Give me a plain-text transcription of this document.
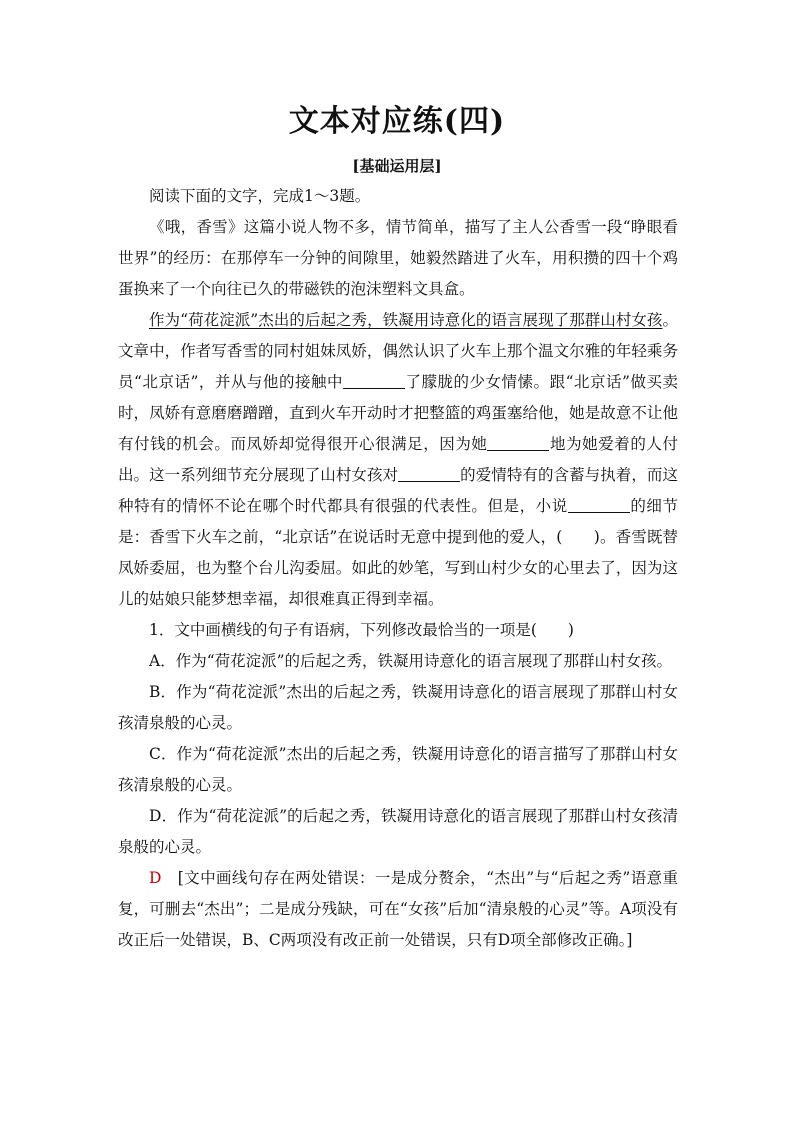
文本对应练(四)
[基础运用层]

阅读下面的文字，完成1～3题。

《哦，香雪》这篇小说人物不多，情节简单，描写了主人公香雪一段“睁眼看世界”的经历：在那停车一分钟的间隙里，她毅然踏进了火车，用积攒的四十个鸡蛋换来了一个向往已久的带磁铁的泡沫塑料文具盒。

作为“荷花淀派”杰出的后起之秀，铁凝用诗意化的语言展现了那群山村女孩。文章中，作者写香雪的同村姐妹凤娇，偶然认识了火车上那个温文尔雅的年轻乘务员“北京话”，并从与他的接触中	了朦胧的少女情愫。跟“北京话”做买卖时，凤娇有意磨磨蹭蹭，直到火车开动时才把整篮的鸡蛋塞给他，她是故意不让他有付钱的机会。而凤娇却觉得很开心很满足，因为她	地为她爱着的人付出。这一系列细节充分展现了山村女孩对	的爱情特有的含蓄与执着，而这种特有的情怀不论在哪个时代都具有很强的代表性。但是，小说	的细节是：香雪下火车之前，“北京话”在说话时无意中提到他的爱人，(　　)。香雪既替凤娇委屈，也为整个台儿沟委屈。如此的妙笔，写到山村少女的心里去了，因为这儿的姑娘只能梦想幸福，却很难真正得到幸福。

1．文中画横线的句子有语病，下列修改最恰当的一项是(　　)

A．作为“荷花淀派”的后起之秀，铁凝用诗意化的语言展现了那群山村女孩。

B．作为“荷花淀派”杰出的后起之秀，铁凝用诗意化的语言展现了那群山村女孩清泉般的心灵。

C．作为“荷花淀派”杰出的后起之秀，铁凝用诗意化的语言描写了那群山村女孩清泉般的心灵。

D．作为“荷花淀派”的后起之秀，铁凝用诗意化的语言展现了那群山村女孩清泉般的心灵。

D　[文中画线句存在两处错误：一是成分赘余，“杰出”与“后起之秀”语意重复，可删去“杰出”；二是成分残缺，可在“女孩”后加“清泉般的心灵”等。A项没有改正后一处错误，B、C两项没有改正前一处错误，只有D项全部修改正确。]
